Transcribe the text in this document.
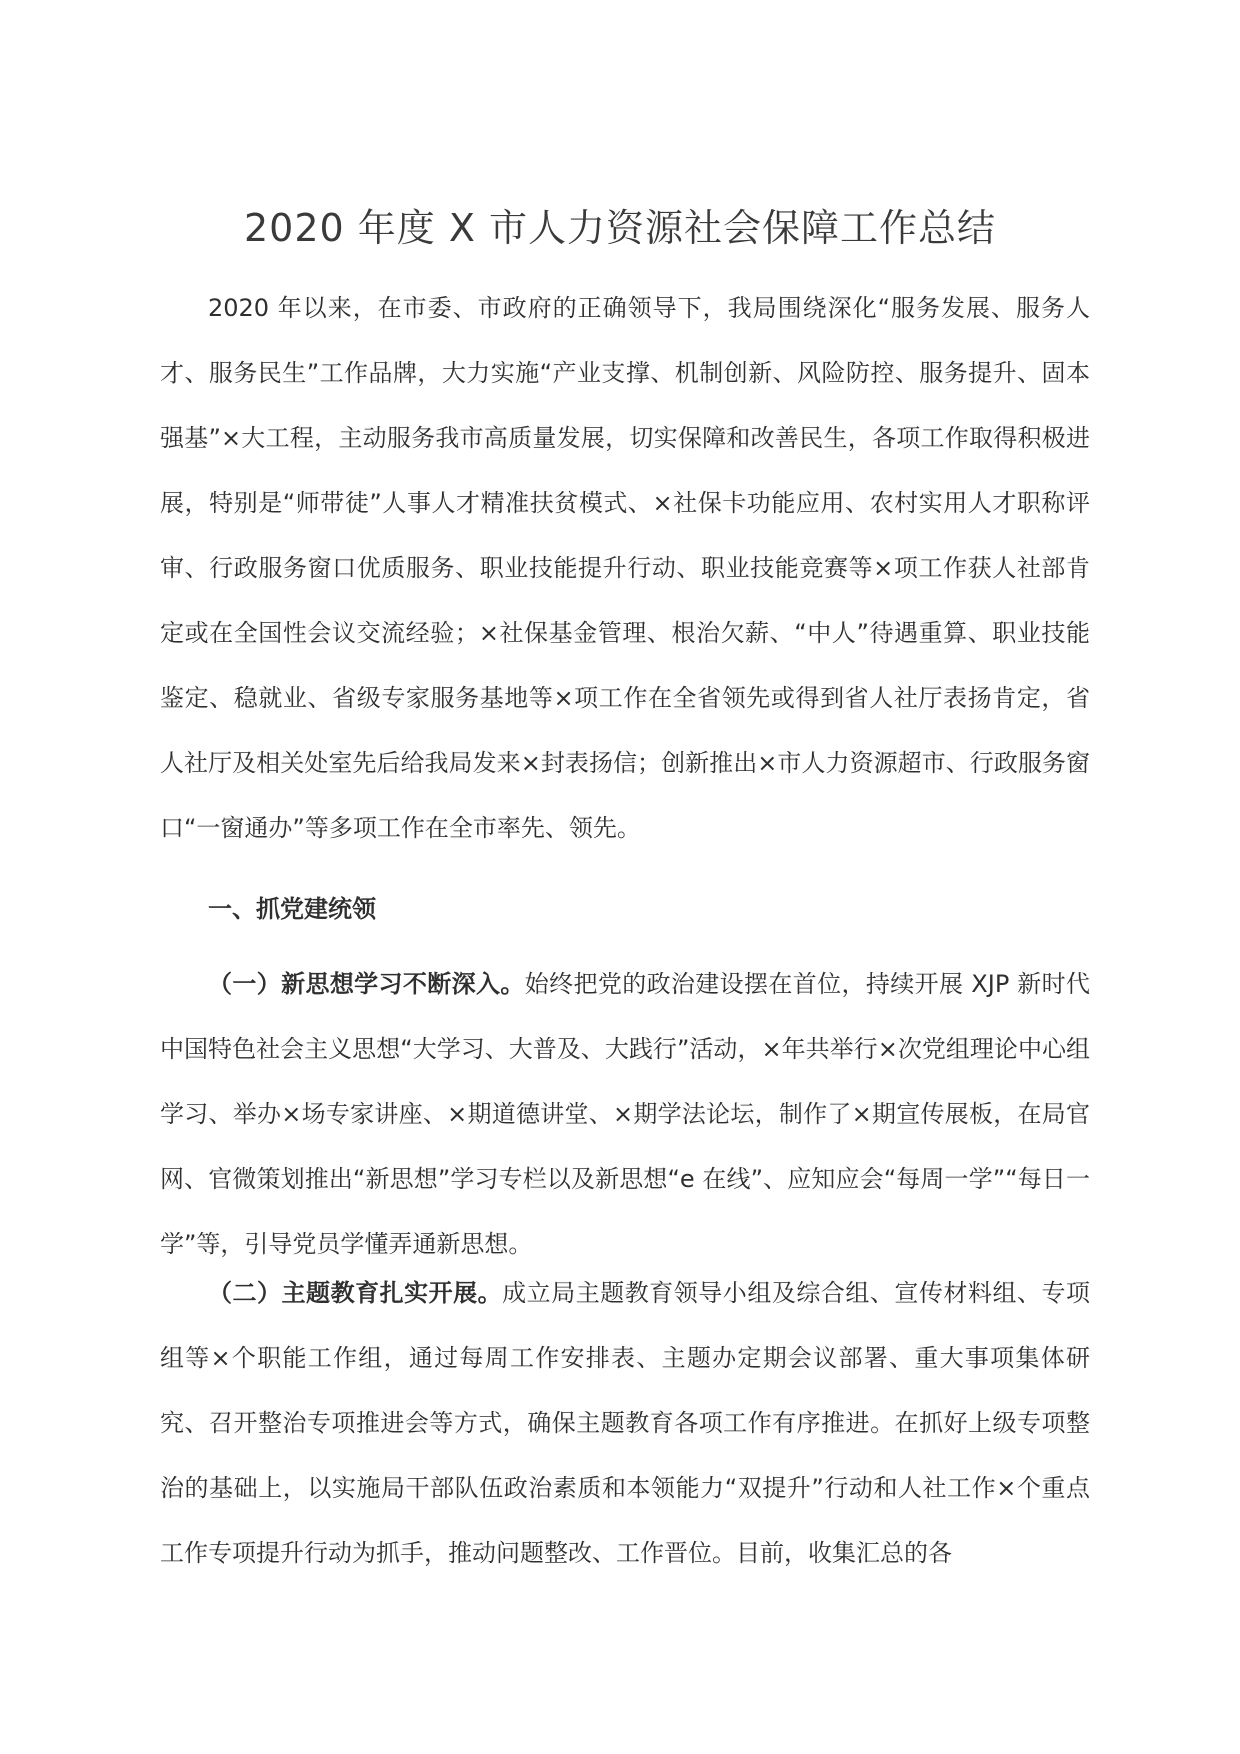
2020 年度 X 市人力资源社会保障工作总结
2020 年以来，在市委、市政府的正确领导下，我局围绕深化“服务发展、服务人才、服务民生”工作品牌，大力实施“产业支撑、机制创新、风险防控、服务提升、固本强基”×大工程，主动服务我市高质量发展，切实保障和改善民生，各项工作取得积极进展，特别是“师带徒”人事人才精准扶贫模式、×社保卡功能应用、农村实用人才职称评审、行政服务窗口优质服务、职业技能提升行动、职业技能竞赛等×项工作获人社部肯定或在全国性会议交流经验；×社保基金管理、根治欠薪、“中人”待遇重算、职业技能鉴定、稳就业、省级专家服务基地等×项工作在全省领先或得到省人社厅表扬肯定，省人社厅及相关处室先后给我局发来×封表扬信；创新推出×市人力资源超市、行政服务窗口“一窗通办”等多项工作在全市率先、领先。
一、抓党建统领
（一）新思想学习不断深入。始终把党的政治建设摆在首位，持续开展 XJP 新时代中国特色社会主义思想“大学习、大普及、大践行”活动，×年共举行×次党组理论中心组学习、举办×场专家讲座、×期道德讲堂、×期学法论坛，制作了×期宣传展板，在局官网、官微策划推出“新思想”学习专栏以及新思想“e 在线”、应知应会“每周一学”“每日一学”等，引导党员学懂弄通新思想。
（二）主题教育扎实开展。成立局主题教育领导小组及综合组、宣传材料组、专项组等×个职能工作组，通过每周工作安排表、主题办定期会议部署、重大事项集体研究、召开整治专项推进会等方式，确保主题教育各项工作有序推进。在抓好上级专项整治的基础上，以实施局干部队伍政治素质和本领能力“双提升”行动和人社工作×个重点工作专项提升行动为抓手，推动问题整改、工作晋位。目前，收集汇总的各
